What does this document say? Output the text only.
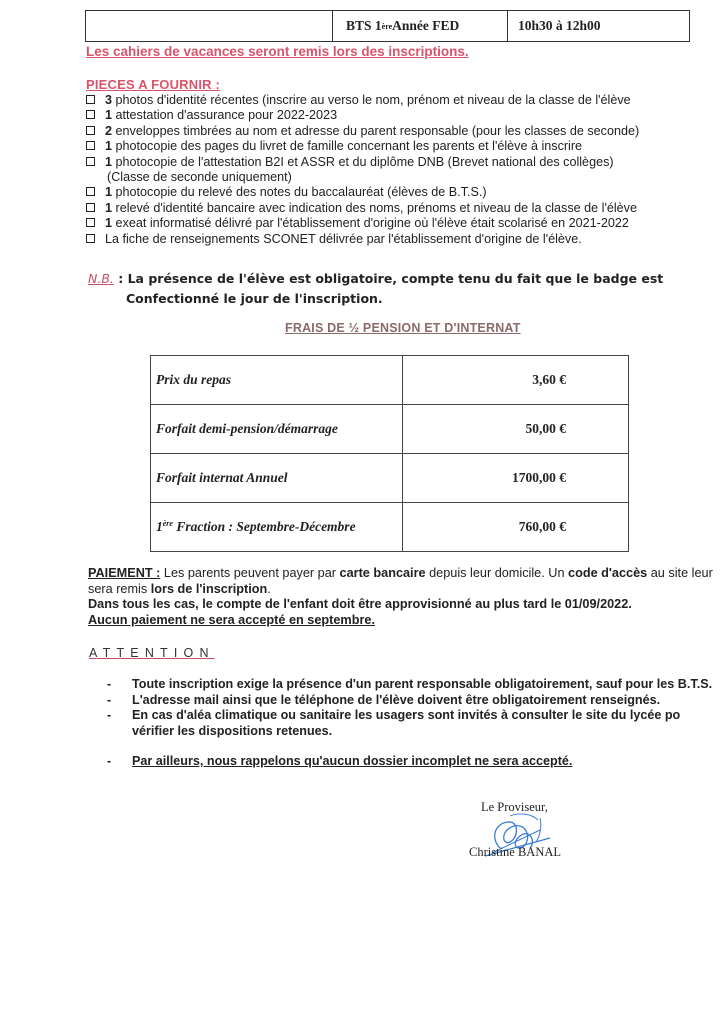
BTS 1 ère Année FED	10h30 à 12h00
Les cahiers de vacances seront remis lors des inscriptions.
PIECES A FOURNIR :
3 photos d'identité récentes (inscrire au verso le nom, prénom et niveau de la classe de l'élève
1 attestation d'assurance pour 2022-2023
2 enveloppes timbrées au nom et adresse du parent responsable (pour les classes de seconde)
1 photocopie des pages du livret de famille concernant les parents et l'élève à inscrire
1 photocopie de l'attestation B2I et ASSR et du diplôme DNB (Brevet national des collèges)
(Classe de seconde uniquement)
1 photocopie du relevé des notes du baccalauréat (élèves de B.T.S.)
1 relevé d'identité bancaire avec indication des noms, prénoms et niveau de la classe de l'élève
1 exeat informatisé délivré par l'établissement d'origine où l'élève était scolarisé en 2021-2022
La fiche de renseignements SCONET délivrée par l'établissement d'origine de l'élève.
N.B. : La présence de l'élève est obligatoire, compte tenu du fait que le badge est
Confectionné le jour de l'inscription.
FRAIS DE ½ PENSION ET D'INTERNAT
Prix du repas	3,60 €
Forfait demi-pension/démarrage	50,00 €
Forfait internat Annuel	1700,00 €
1ère Fraction : Septembre-Décembre	760,00 €
PAIEMENT : Les parents peuvent payer par carte bancaire depuis leur domicile. Un code d'accès au site leur sera remis lors de l'inscription.
Dans tous les cas, le compte de l'enfant doit être approvisionné au plus tard le 01/09/2022.
Aucun paiement ne sera accepté en septembre.
ATTENTION
-	Toute inscription exige la présence d'un parent responsable obligatoirement, sauf pour les B.T.S.
-	L'adresse mail ainsi que le téléphone de l'élève doivent être obligatoirement renseignés.
-	En cas d'aléa climatique ou sanitaire les usagers sont invités à consulter le site du lycée po vérifier les dispositions retenues.
-	Par ailleurs, nous rappelons qu'aucun dossier incomplet ne sera accepté.
Le Proviseur,
Christine BANAL
